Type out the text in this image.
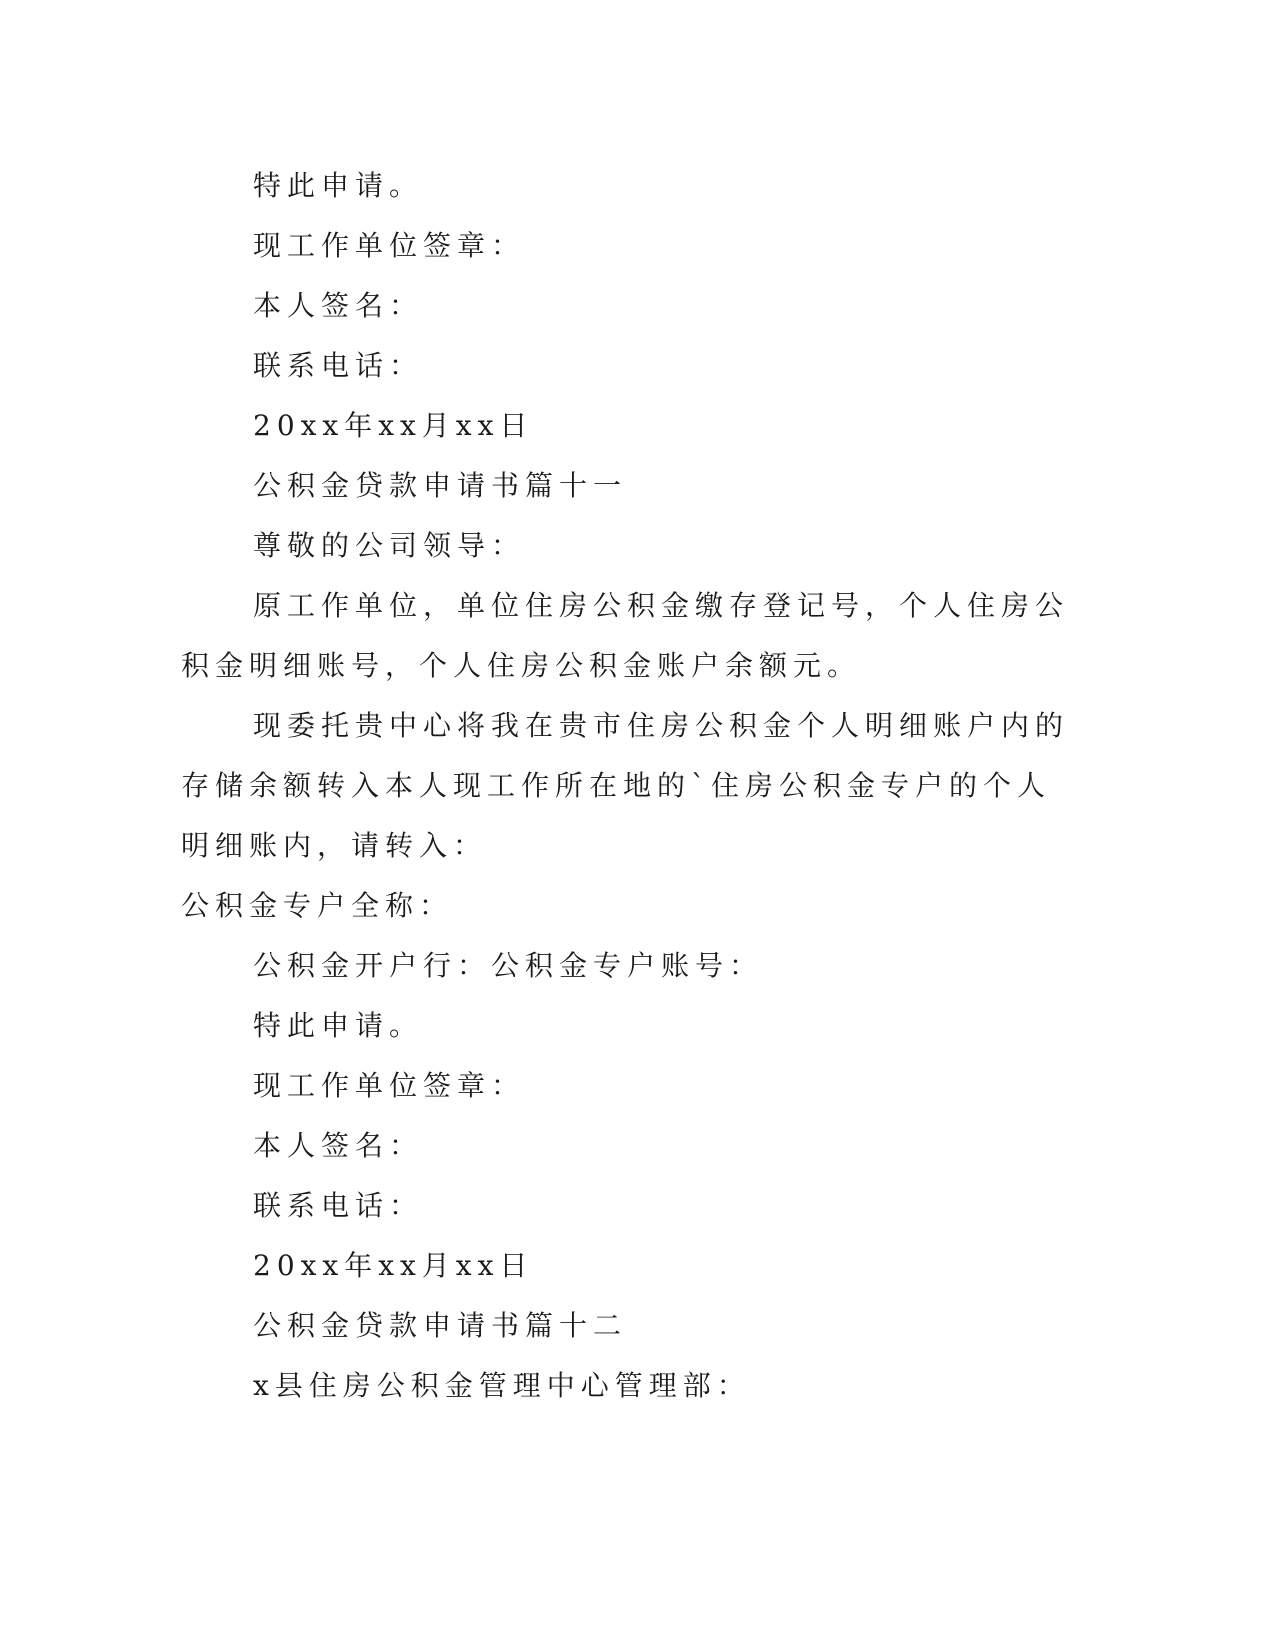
特此申请。

现工作单位签章：

本人签名：

联系电话：

20xx年xx月xx日

公积金贷款申请书篇十一

尊敬的公司领导：

原工作单位，单位住房公积金缴存登记号，个人住房公积金明细账号，个人住房公积金账户余额元。

现委托贵中心将我在贵市住房公积金个人明细账户内的存储余额转入本人现工作所在地的`住房公积金专户的个人明细账内，请转入：

公积金专户全称：

公积金开户行：公积金专户账号：

特此申请。

现工作单位签章：

本人签名：

联系电话：

20xx年xx月xx日

公积金贷款申请书篇十二

x县住房公积金管理中心管理部：
